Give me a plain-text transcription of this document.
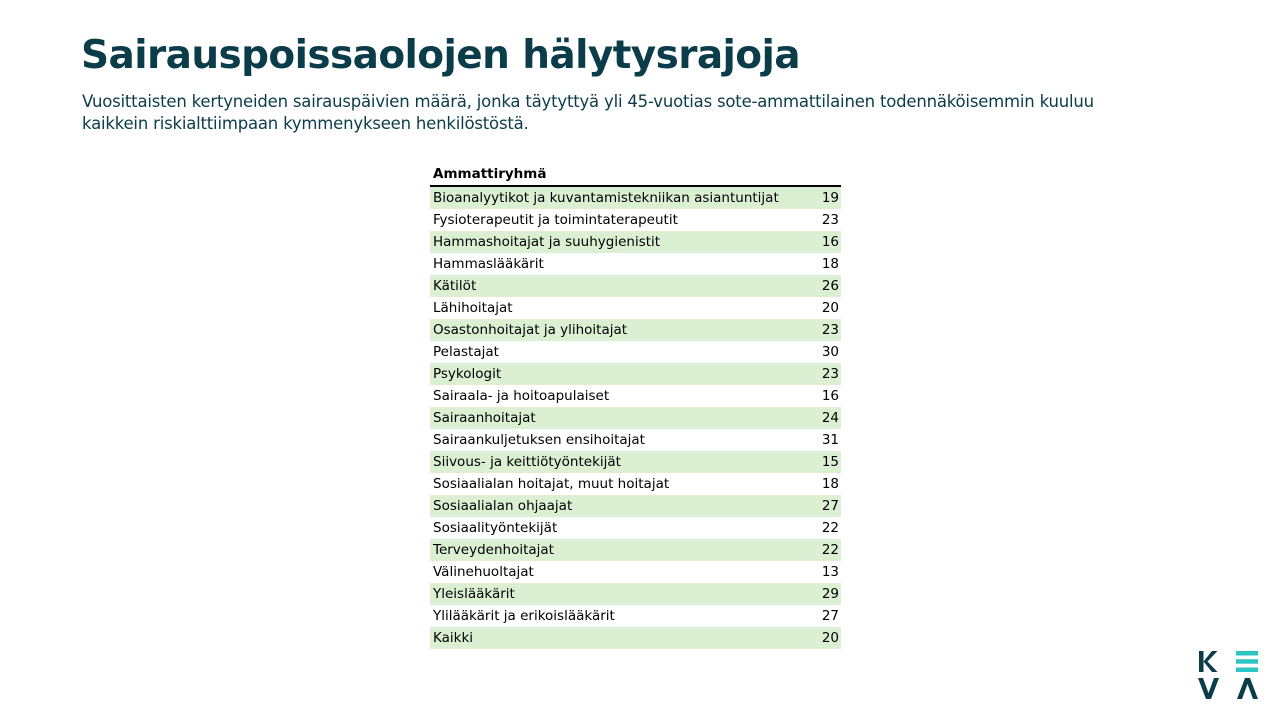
Sairauspoissaolojen hälytysrajoja

Vuosittaisten kertyneiden sairauspäivien määrä, jonka täytyttyä yli 45-vuotias sote-ammattilainen todennäköisemmin kuuluu kaikkein riskialttiimpaan kymmenykseen henkilöstöstä.

Ammattiryhmä
Bioanalyytikot ja kuvantamistekniikan asiantuntijat	19
Fysioterapeutit ja toimintaterapeutit	23
Hammashoitajat ja suuhygienistit	16
Hammaslääkärit	18
Kätilöt	26
Lähihoitajat	20
Osastonhoitajat ja ylihoitajat	23
Pelastajat	30
Psykologit	23
Sairaala- ja hoitoapulaiset	16
Sairaanhoitajat	24
Sairaankuljetuksen ensihoitajat	31
Siivous- ja keittiötyöntekijät	15
Sosiaalialan hoitajat, muut hoitajat	18
Sosiaalialan ohjaajat	27
Sosiaalityöntekijät	22
Terveydenhoitajat	22
Välinehuoltajat	13
Yleislääkärit	29
Ylilääkärit ja erikoislääkärit	27
Kaikki	20
